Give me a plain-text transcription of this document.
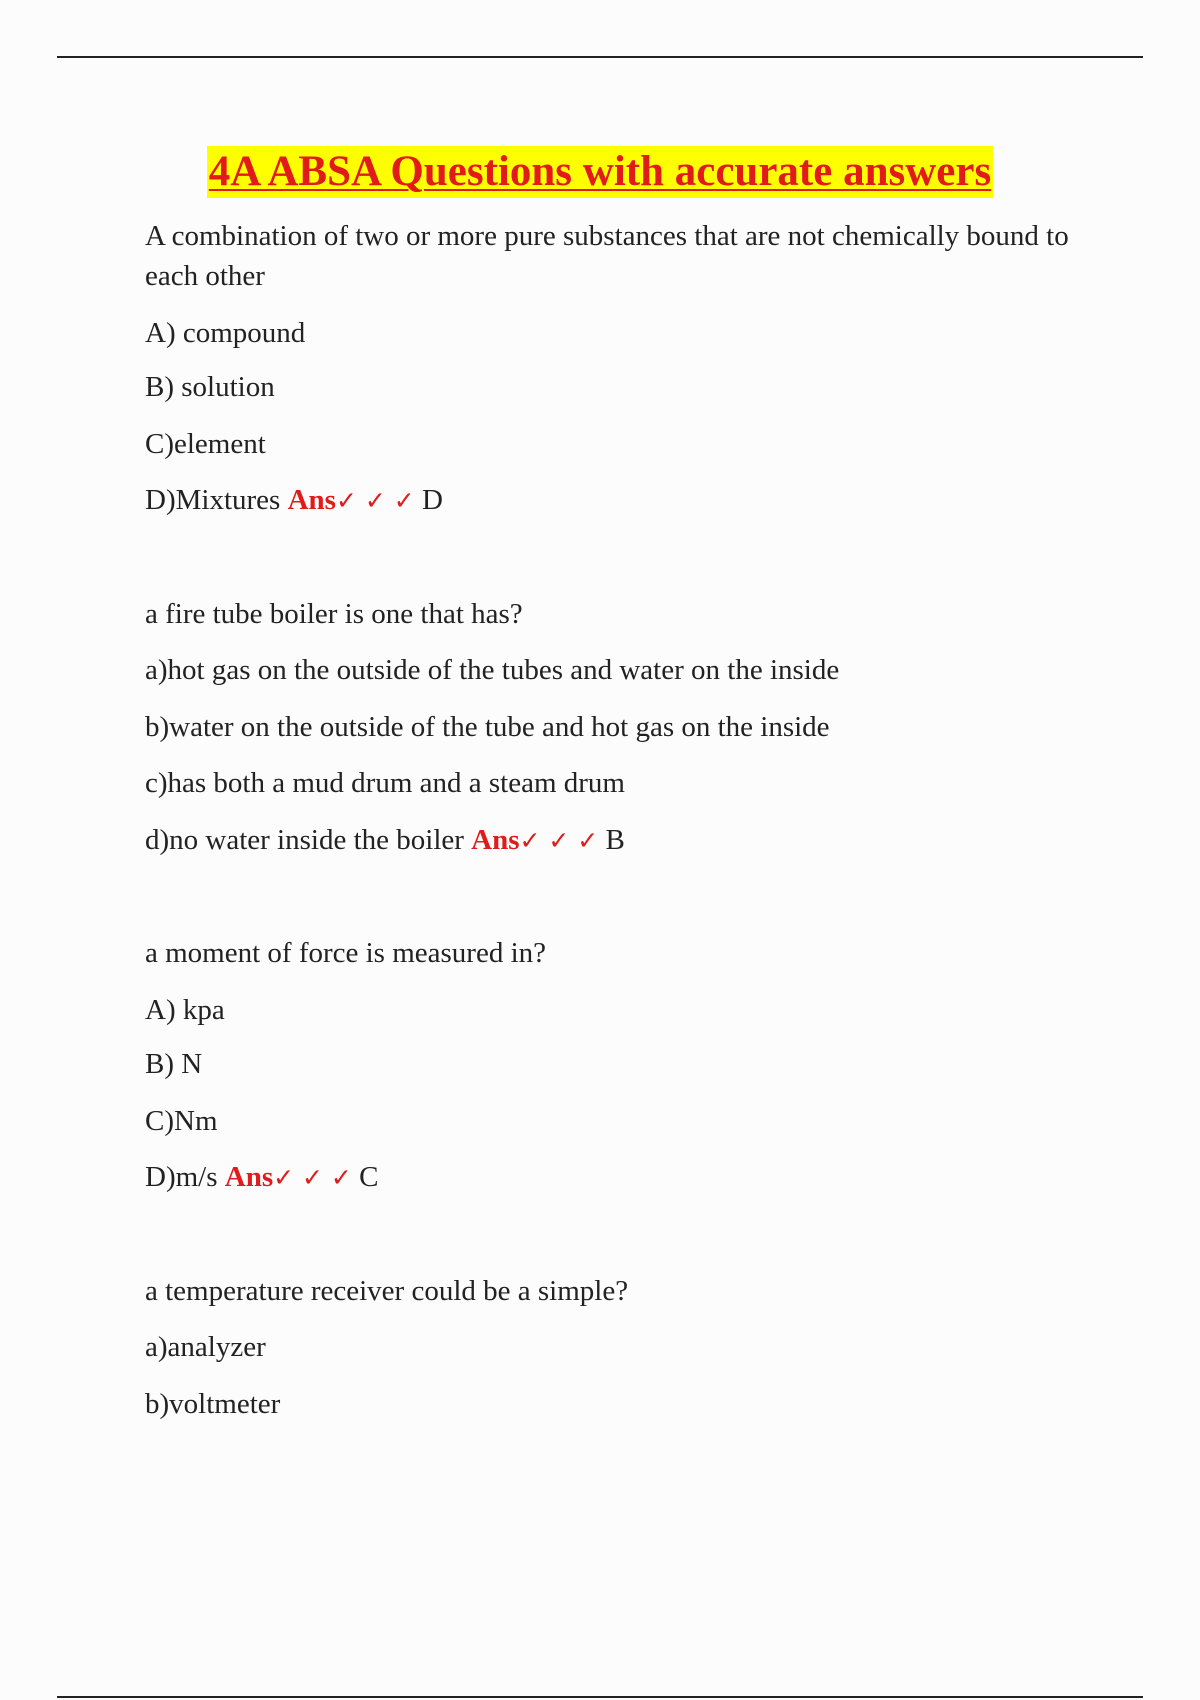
4A ABSA Questions with accurate answers
A combination of two or more pure substances that are not chemically bound to each other
A) compound
B) solution
C)element
D)Mixtures Ans✓ ✓ ✓ D
a fire tube boiler is one that has?
a)hot gas on the outside of the tubes and water on the inside
b)water on the outside of the tube and hot gas on the inside
c)has both a mud drum and a steam drum
d)no water inside the boiler Ans✓ ✓ ✓ B
a moment of force is measured in?
A) kpa
B) N
C)Nm
D)m/s Ans✓ ✓ ✓ C
a temperature receiver could be a simple?
a)analyzer
b)voltmeter
